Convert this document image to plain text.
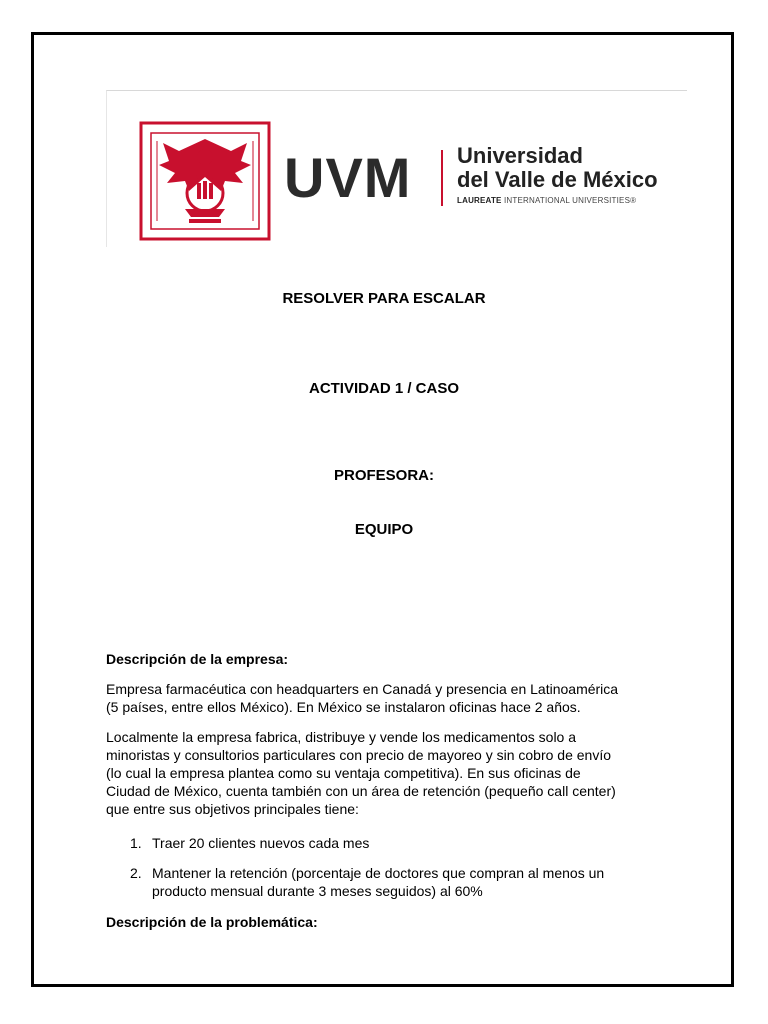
RESPONSABLE DE LO QUE
UVM Universidad
del Valle de México
LAUREATE INTERNATIONAL UNIVERSITIES®
RESOLVER PARA ESCALAR
ACTIVIDAD 1 / CASO
PROFESORA:
EQUIPO
Descripción de la empresa:
Empresa farmacéutica con headquarters en Canadá y presencia en Latinoamérica
(5 países, entre ellos México). En México se instalaron oficinas hace 2 años.
Localmente la empresa fabrica, distribuye y vende los medicamentos solo a
minoristas y consultorios particulares con precio de mayoreo y sin cobro de envío
(lo cual la empresa plantea como su ventaja competitiva). En sus oficinas de
Ciudad de México, cuenta también con un área de retención (pequeño call center)
que entre sus objetivos principales tiene:
1. Traer 20 clientes nuevos cada mes
2. Mantener la retención (porcentaje de doctores que compran al menos un
producto mensual durante 3 meses seguidos) al 60%
Descripción de la problemática:
